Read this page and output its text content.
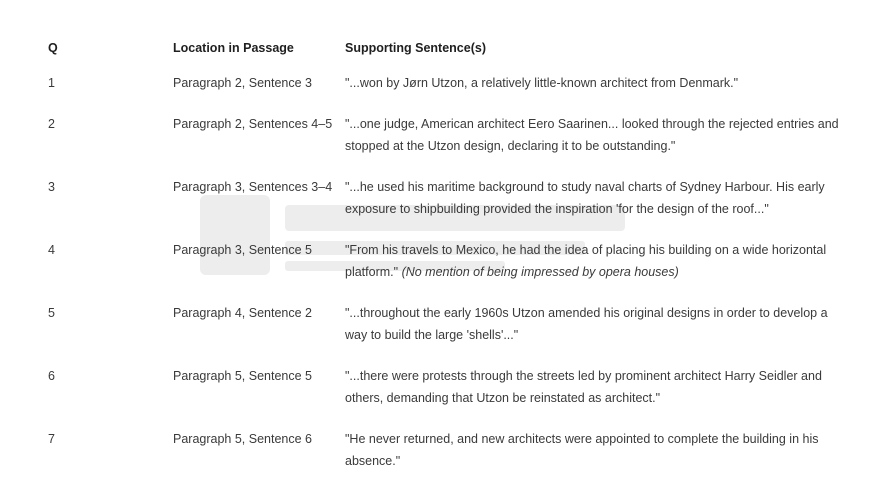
Q	Location in Passage	Supporting Sentence(s)
1	Paragraph 2, Sentence 3	"...won by Jørn Utzon, a relatively little-known architect from Denmark."
2	Paragraph 2, Sentences 4–5	"...one judge, American architect Eero Saarinen... looked through the rejected entries and stopped at the Utzon design, declaring it to be outstanding."
3	Paragraph 3, Sentences 3–4	"...he used his maritime background to study naval charts of Sydney Harbour. His early exposure to shipbuilding provided the inspiration 'for the design of the roof..."
4	Paragraph 3, Sentence 5	"From his travels to Mexico, he had the idea of placing his building on a wide horizontal platform." (No mention of being impressed by opera houses)
5	Paragraph 4, Sentence 2	"...throughout the early 1960s Utzon amended his original designs in order to develop a way to build the large 'shells'..."
6	Paragraph 5, Sentence 5	"...there were protests through the streets led by prominent architect Harry Seidler and others, demanding that Utzon be reinstated as architect."
7	Paragraph 5, Sentence 6	"He never returned, and new architects were appointed to complete the building in his absence."
